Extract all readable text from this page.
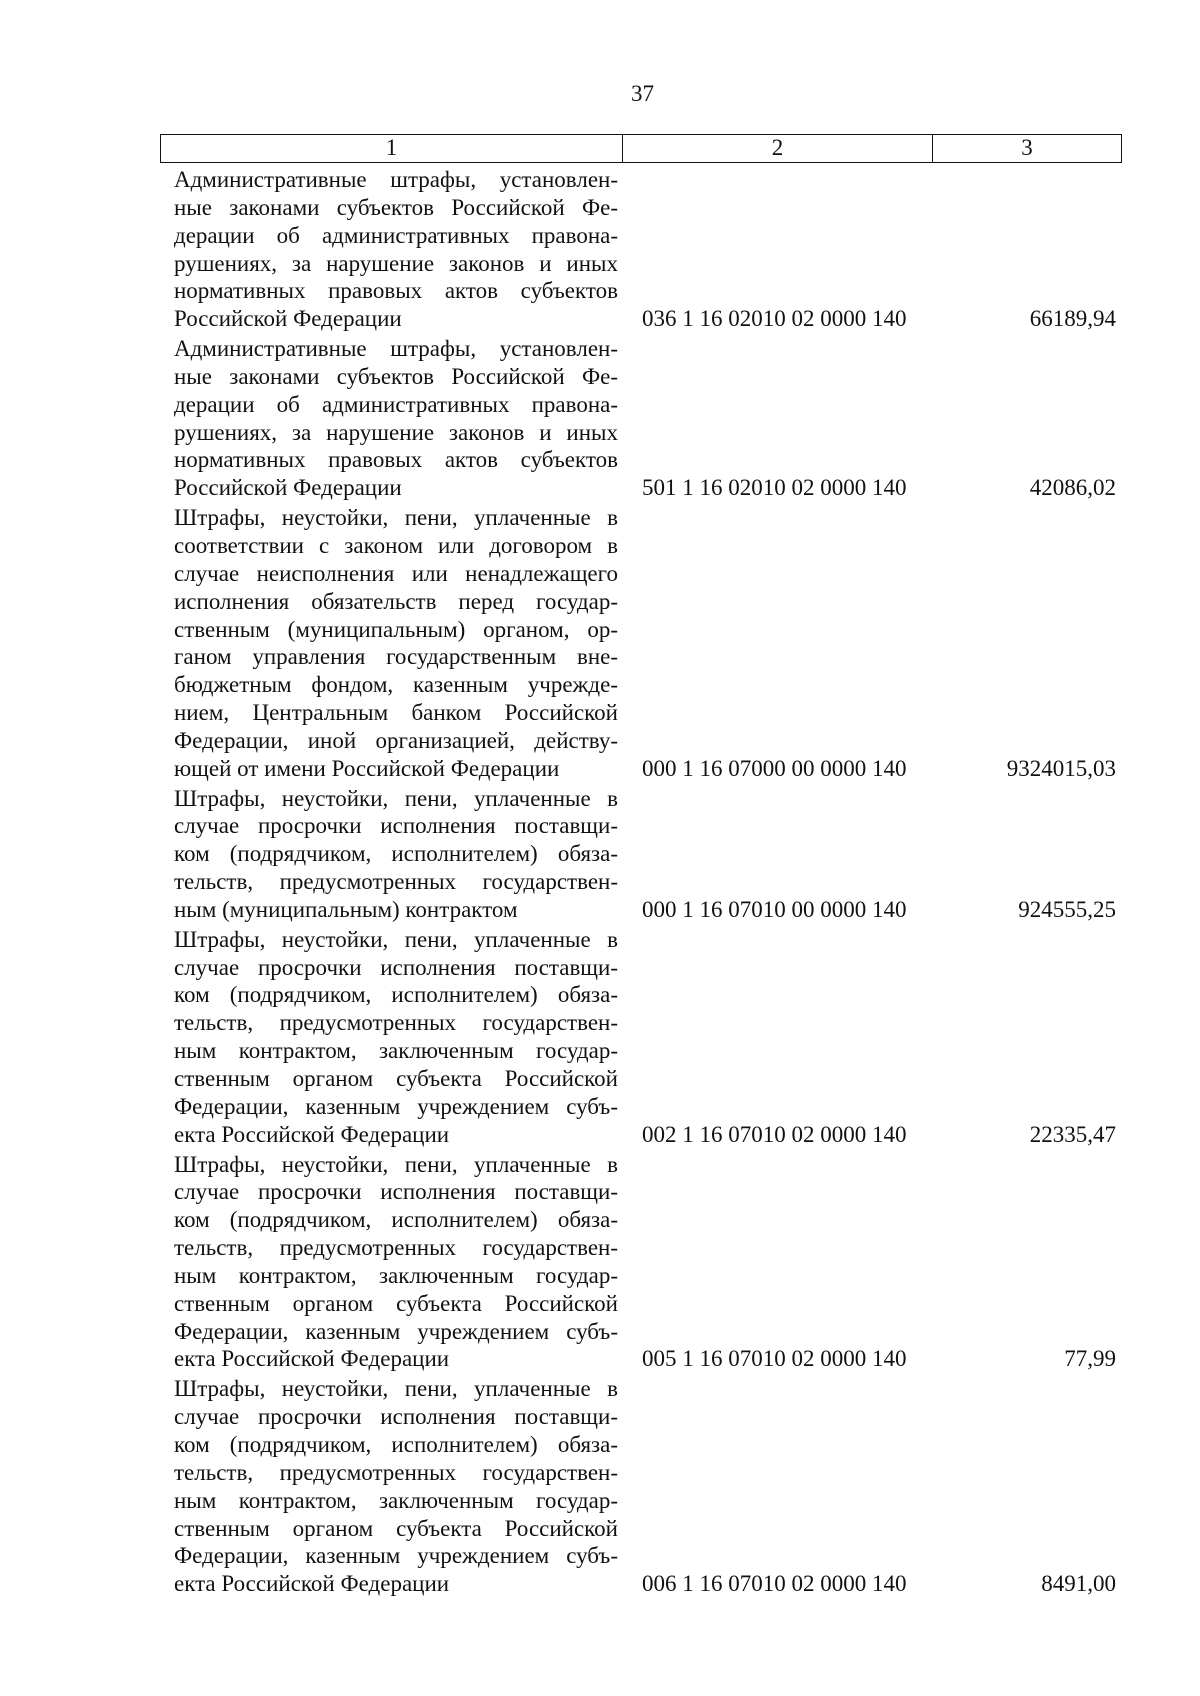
37
1	2	3
Административные штрафы, установлен-
ные законами субъектов Российской Фе-
дерации об административных правона-
рушениях, за нарушение законов и иных
нормативных правовых актов субъектов
Российской Федерации	036 1 16 02010 02 0000 140	66189,94
Административные штрафы, установлен-
ные законами субъектов Российской Фе-
дерации об административных правона-
рушениях, за нарушение законов и иных
нормативных правовых актов субъектов
Российской Федерации	501 1 16 02010 02 0000 140	42086,02
Штрафы, неустойки, пени, уплаченные в
соответствии с законом или договором в
случае неисполнения или ненадлежащего
исполнения обязательств перед государ-
ственным (муниципальным) органом, ор-
ганом управления государственным вне-
бюджетным фондом, казенным учрежде-
нием, Центральным банком Российской
Федерации, иной организацией, действу-
ющей от имени Российской Федерации	000 1 16 07000 00 0000 140	9324015,03
Штрафы, неустойки, пени, уплаченные в
случае просрочки исполнения поставщи-
ком (подрядчиком, исполнителем) обяза-
тельств, предусмотренных государствен-
ным (муниципальным) контрактом	000 1 16 07010 00 0000 140	924555,25
Штрафы, неустойки, пени, уплаченные в
случае просрочки исполнения поставщи-
ком (подрядчиком, исполнителем) обяза-
тельств, предусмотренных государствен-
ным контрактом, заключенным государ-
ственным органом субъекта Российской
Федерации, казенным учреждением субъ-
екта Российской Федерации	002 1 16 07010 02 0000 140	22335,47
Штрафы, неустойки, пени, уплаченные в
случае просрочки исполнения поставщи-
ком (подрядчиком, исполнителем) обяза-
тельств, предусмотренных государствен-
ным контрактом, заключенным государ-
ственным органом субъекта Российской
Федерации, казенным учреждением субъ-
екта Российской Федерации	005 1 16 07010 02 0000 140	77,99
Штрафы, неустойки, пени, уплаченные в
случае просрочки исполнения поставщи-
ком (подрядчиком, исполнителем) обяза-
тельств, предусмотренных государствен-
ным контрактом, заключенным государ-
ственным органом субъекта Российской
Федерации, казенным учреждением субъ-
екта Российской Федерации	006 1 16 07010 02 0000 140	8491,00
